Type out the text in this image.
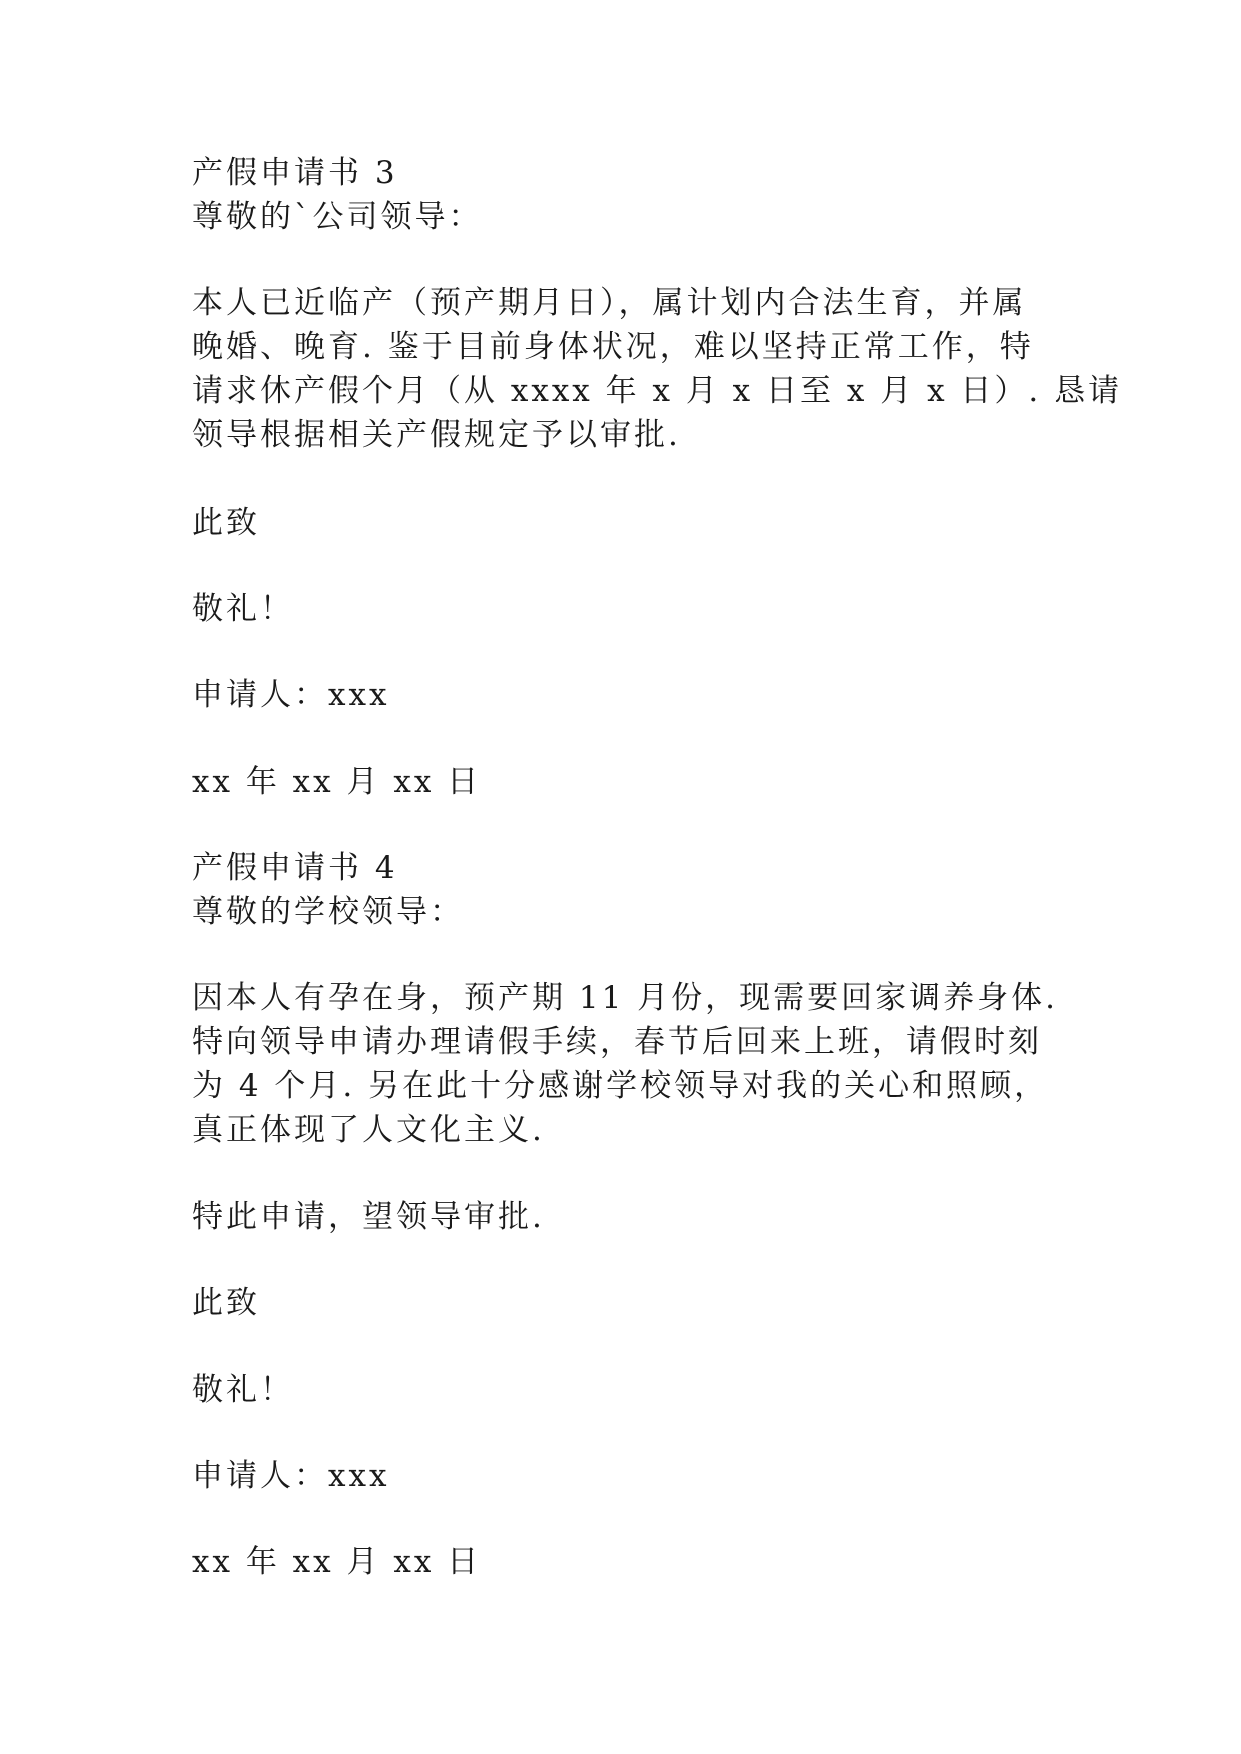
产假申请书 3
尊敬的`公司领导：
本人已近临产（预产期月日），属计划内合法生育，并属
晚婚、晚育. 鉴于目前身体状况，难以坚持正常工作，特
请求休产假个月（从 xxxx 年 x 月 x 日至 x 月 x 日）. 恳请
领导根据相关产假规定予以审批.
此致
敬礼！
申请人：xxx
xx 年 xx 月 xx 日
产假申请书 4
尊敬的学校领导：
因本人有孕在身，预产期 11 月份，现需要回家调养身体.
特向领导申请办理请假手续，春节后回来上班，请假时刻
为 4 个月. 另在此十分感谢学校领导对我的关心和照顾，
真正体现了人文化主义.
特此申请，望领导审批.
此致
敬礼！
申请人：xxx
xx 年 xx 月 xx 日
